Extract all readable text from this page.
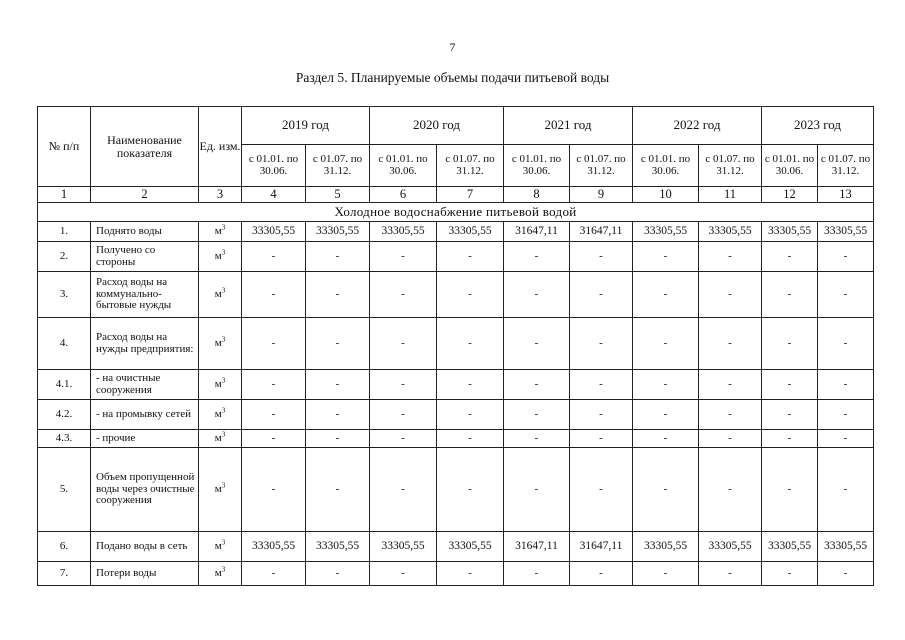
7
Раздел 5. Планируемые объемы подачи питьевой воды
№ п/п	Наименование показателя	Ед. изм.	2019 год		2020 год		2021 год		2022 год		2023 год	
			с 01.01. по 30.06.	с 01.07. по 31.12.	с 01.01. по 30.06.	с 01.07. по 31.12.	с 01.01. по 30.06.	с 01.07. по 31.12.	с 01.01. по 30.06.	с 01.07. по 31.12.	с 01.01. по 30.06.	с 01.07. по 31.12.
1	2	3	4	5	6	7	8	9	10	11	12	13
Холодное водоснабжение питьевой водой												
1.	Поднято воды	$м^3$	33305,55	33305,55	33305,55	33305,55	31647,11	31647,11	33305,55	33305,55	33305,55	33305,55
2.	Получено со стороны	$м^3$	-	-	-	-	-	-	-	-	-	-
3.	Расход воды на коммунально-бытовые нужды	$м^3$	-	-	-	-	-	-	-	-	-	-
4.	Расход воды на нужды предприятия:	$м^3$	-	-	-	-	-	-	-	-	-	-
4.1.	- на очистные сооружения	$м^3$	-	-	-	-	-	-	-	-	-	-
4.2.	- на промывку сетей	$м^3$	-	-	-	-	-	-	-	-	-	-
4.3.	- прочие	$м^3$	-	-	-	-	-	-	-	-	-	-
5.	Объем пропущенной воды через очистные сооружения	$м^3$	-	-	-	-	-	-	-	-	-	-
6.	Подано воды в сеть	$м^3$	33305,55	33305,55	33305,55	33305,55	31647,11	31647,11	33305,55	33305,55	33305,55	33305,55
7.	Потери воды	$м^3$	-	-	-	-	-	-	-	-	-	-
